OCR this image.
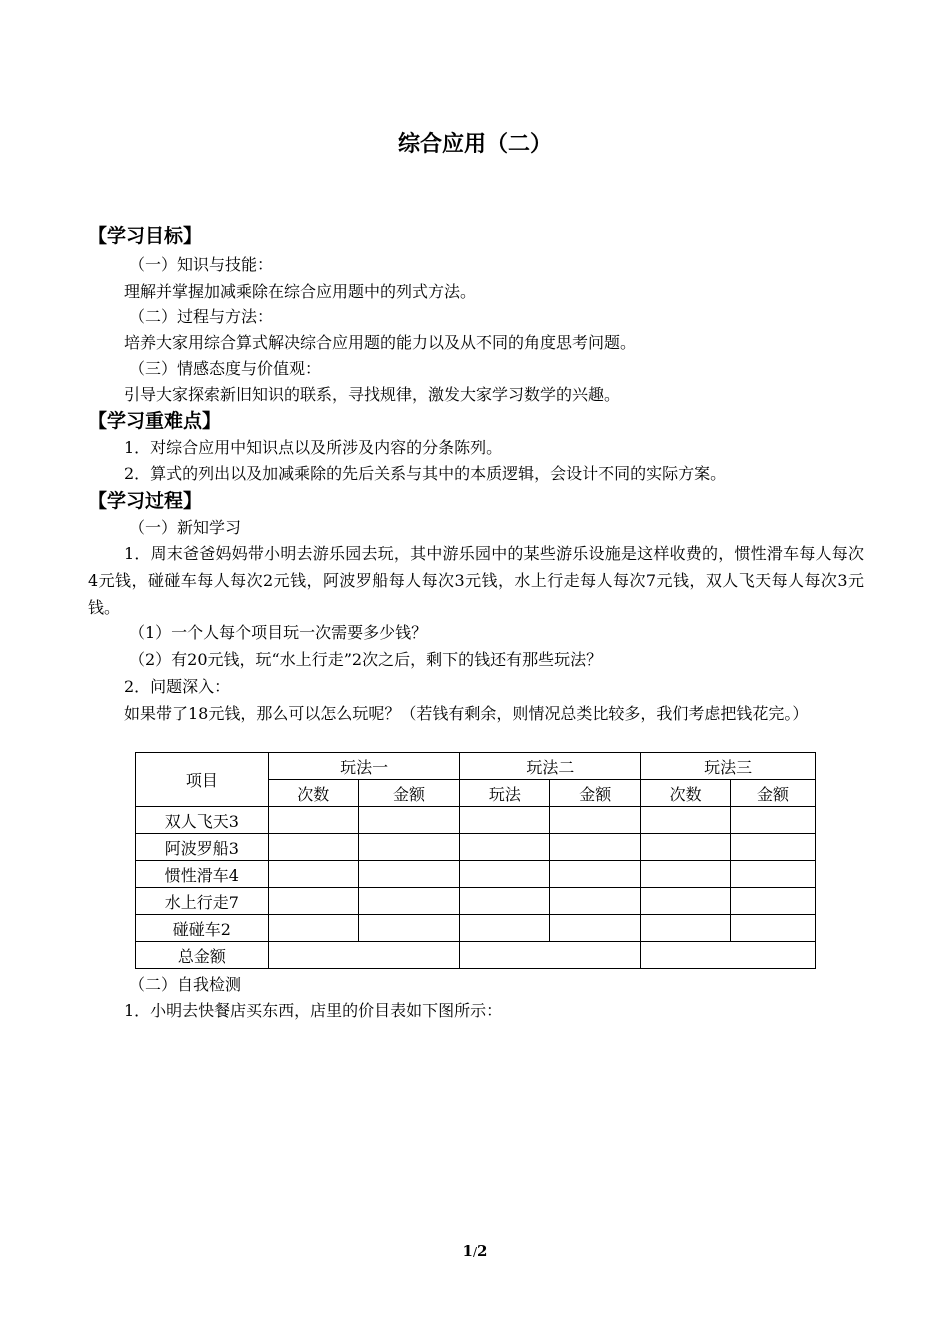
综合应用（二）
【学习目标】
（一）知识与技能：
理解并掌握加减乘除在综合应用题中的列式方法。
（二）过程与方法：
培养大家用综合算式解决综合应用题的能力以及从不同的角度思考问题。
（三）情感态度与价值观：
引导大家探索新旧知识的联系，寻找规律，激发大家学习数学的兴趣。
【学习重难点】
1．对综合应用中知识点以及所涉及内容的分条陈列。
2．算式的列出以及加减乘除的先后关系与其中的本质逻辑，会设计不同的实际方案。
【学习过程】
（一）新知学习
1．周末爸爸妈妈带小明去游乐园去玩，其中游乐园中的某些游乐设施是这样收费的，惯性滑车每人每次4元钱，碰碰车每人每次2元钱，阿波罗船每人每次3元钱，水上行走每人每次7元钱，双人飞天每人每次3元钱。
（1）一个人每个项目玩一次需要多少钱？
（2）有20元钱，玩“水上行走”2次之后，剩下的钱还有那些玩法？
2．问题深入：
如果带了18元钱，那么可以怎么玩呢？（若钱有剩余，则情况总类比较多，我们考虑把钱花完。）
项目	玩法一		玩法二		玩法三	
	次数	金额	玩法	金额	次数	金额
双人飞天3						
阿波罗船3						
惯性滑车4						
水上行走7						
碰碰车2						
总金额						
（二）自我检测
1．小明去快餐店买东西，店里的价目表如下图所示：
1/2
